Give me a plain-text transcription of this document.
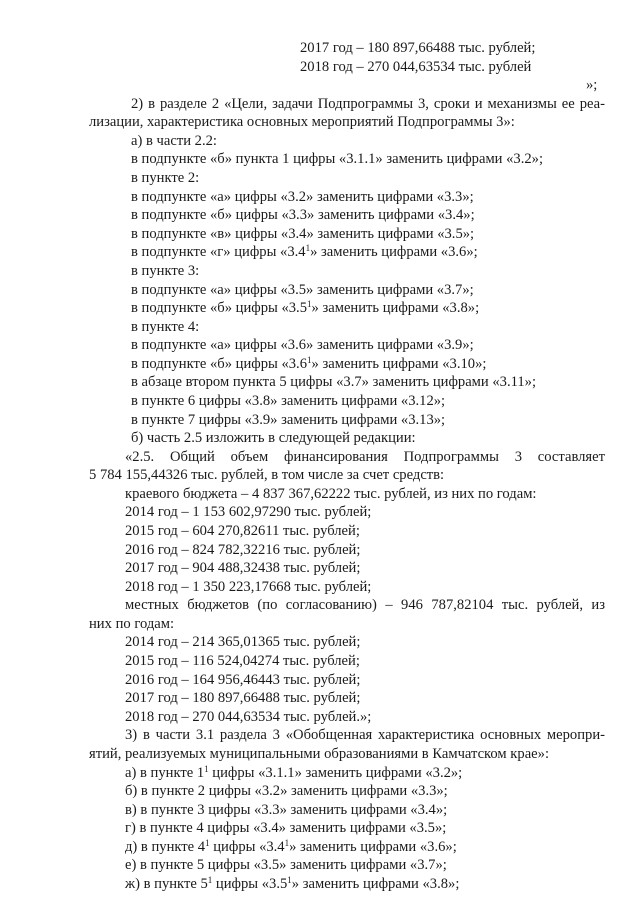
2017 год – 180 897,66488 тыс. рублей;
2018 год – 270 044,63534 тыс. рублей
»;
2) в разделе 2 «Цели, задачи Подпрограммы 3, сроки и механизмы ее реа-
лизации, характеристика основных мероприятий Подпрограммы 3»:
а) в части 2.2:
в подпункте «б» пункта 1 цифры «3.1.1» заменить цифрами «3.2»;
в пункте 2:
в подпункте «а» цифры «3.2» заменить цифрами «3.3»;
в подпункте «б» цифры «3.3» заменить цифрами «3.4»;
в подпункте «в» цифры «3.4» заменить цифрами «3.5»;
в подпункте «г» цифры «$3.4^1$» заменить цифрами «3.6»;
в пункте 3:
в подпункте «а» цифры «3.5» заменить цифрами «3.7»;
в подпункте «б» цифры «$3.5^1$» заменить цифрами «3.8»;
в пункте 4:
в подпункте «а» цифры «3.6» заменить цифрами «3.9»;
в подпункте «б» цифры «$3.6^1$» заменить цифрами «3.10»;
в абзаце втором пункта 5 цифры «3.7» заменить цифрами «3.11»;
в пункте 6 цифры «3.8» заменить цифрами «3.12»;
в пункте 7 цифры «3.9» заменить цифрами «3.13»;
б) часть 2.5 изложить в следующей редакции:
«2.5. Общий объем финансирования Подпрограммы 3 составляет
5 784 155,44326 тыс. рублей, в том числе за счет средств:
краевого бюджета – 4 837 367,62222 тыс. рублей, из них по годам:
2014 год – 1 153 602,97290 тыс. рублей;
2015 год – 604 270,82611 тыс. рублей;
2016 год – 824 782,32216 тыс. рублей;
2017 год – 904 488,32438 тыс. рублей;
2018 год – 1 350 223,17668 тыс. рублей;
местных бюджетов (по согласованию) – 946 787,82104 тыс. рублей, из
них по годам:
2014 год – 214 365,01365 тыс. рублей;
2015 год – 116 524,04274 тыс. рублей;
2016 год – 164 956,46443 тыс. рублей;
2017 год – 180 897,66488 тыс. рублей;
2018 год – 270 044,63534 тыс. рублей.»;
3) в части 3.1 раздела 3 «Обобщенная характеристика основных меропри-
ятий, реализуемых муниципальными образованиями в Камчатском крае»:
а) в пункте $1^1$ цифры «3.1.1» заменить цифрами «3.2»;
б) в пункте 2 цифры «3.2» заменить цифрами «3.3»;
в) в пункте 3 цифры «3.3» заменить цифрами «3.4»;
г) в пункте 4 цифры «3.4» заменить цифрами «3.5»;
д) в пункте $4^1$ цифры «$3.4^1$» заменить цифрами «3.6»;
е) в пункте 5 цифры «3.5» заменить цифрами «3.7»;
ж) в пункте $5^1$ цифры «$3.5^1$» заменить цифрами «3.8»;
